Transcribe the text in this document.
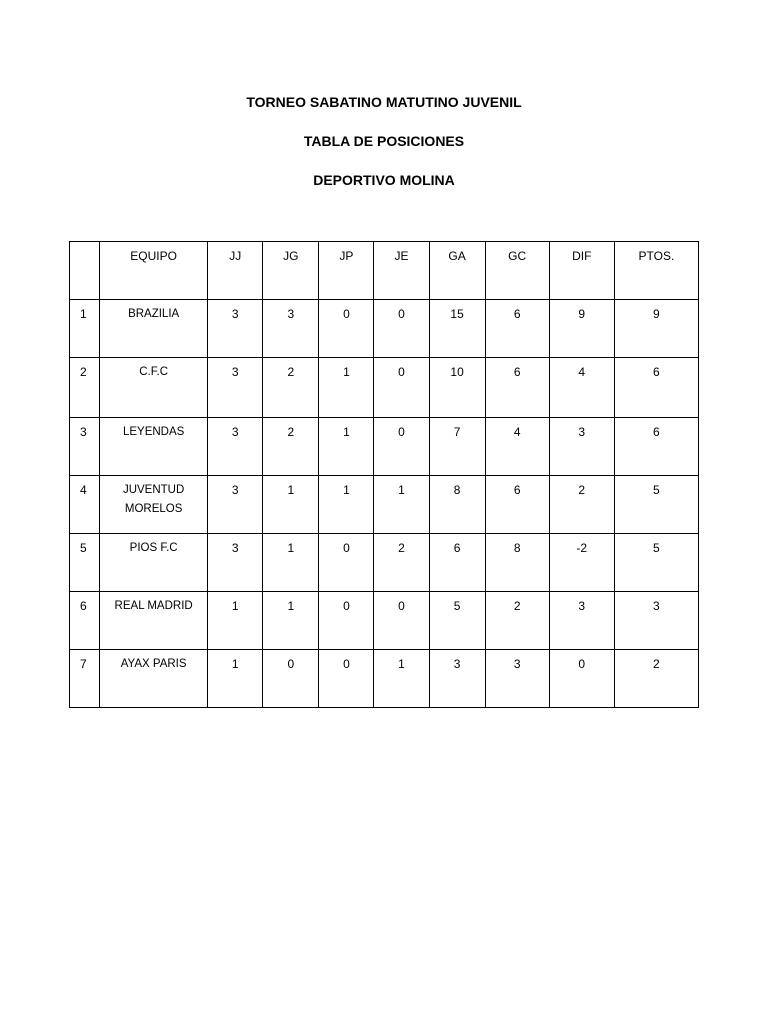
TORNEO SABATINO MATUTINO JUVENIL
TABLA DE POSICIONES
DEPORTIVO MOLINA
	EQUIPO	JJ	JG	JP	JE	GA	GC	DIF	PTOS.
1	BRAZILIA	3	3	0	0	15	6	9	9
2	C.F.C	3	2	1	0	10	6	4	6
3	LEYENDAS	3	2	1	0	7	4	3	6
4	JUVENTUD MORELOS	3	1	1	1	8	6	2	5
5	PIOS F.C	3	1	0	2	6	8	-2	5
6	REAL MADRID	1	1	0	0	5	2	3	3
7	AYAX PARIS	1	0	0	1	3	3	0	2
